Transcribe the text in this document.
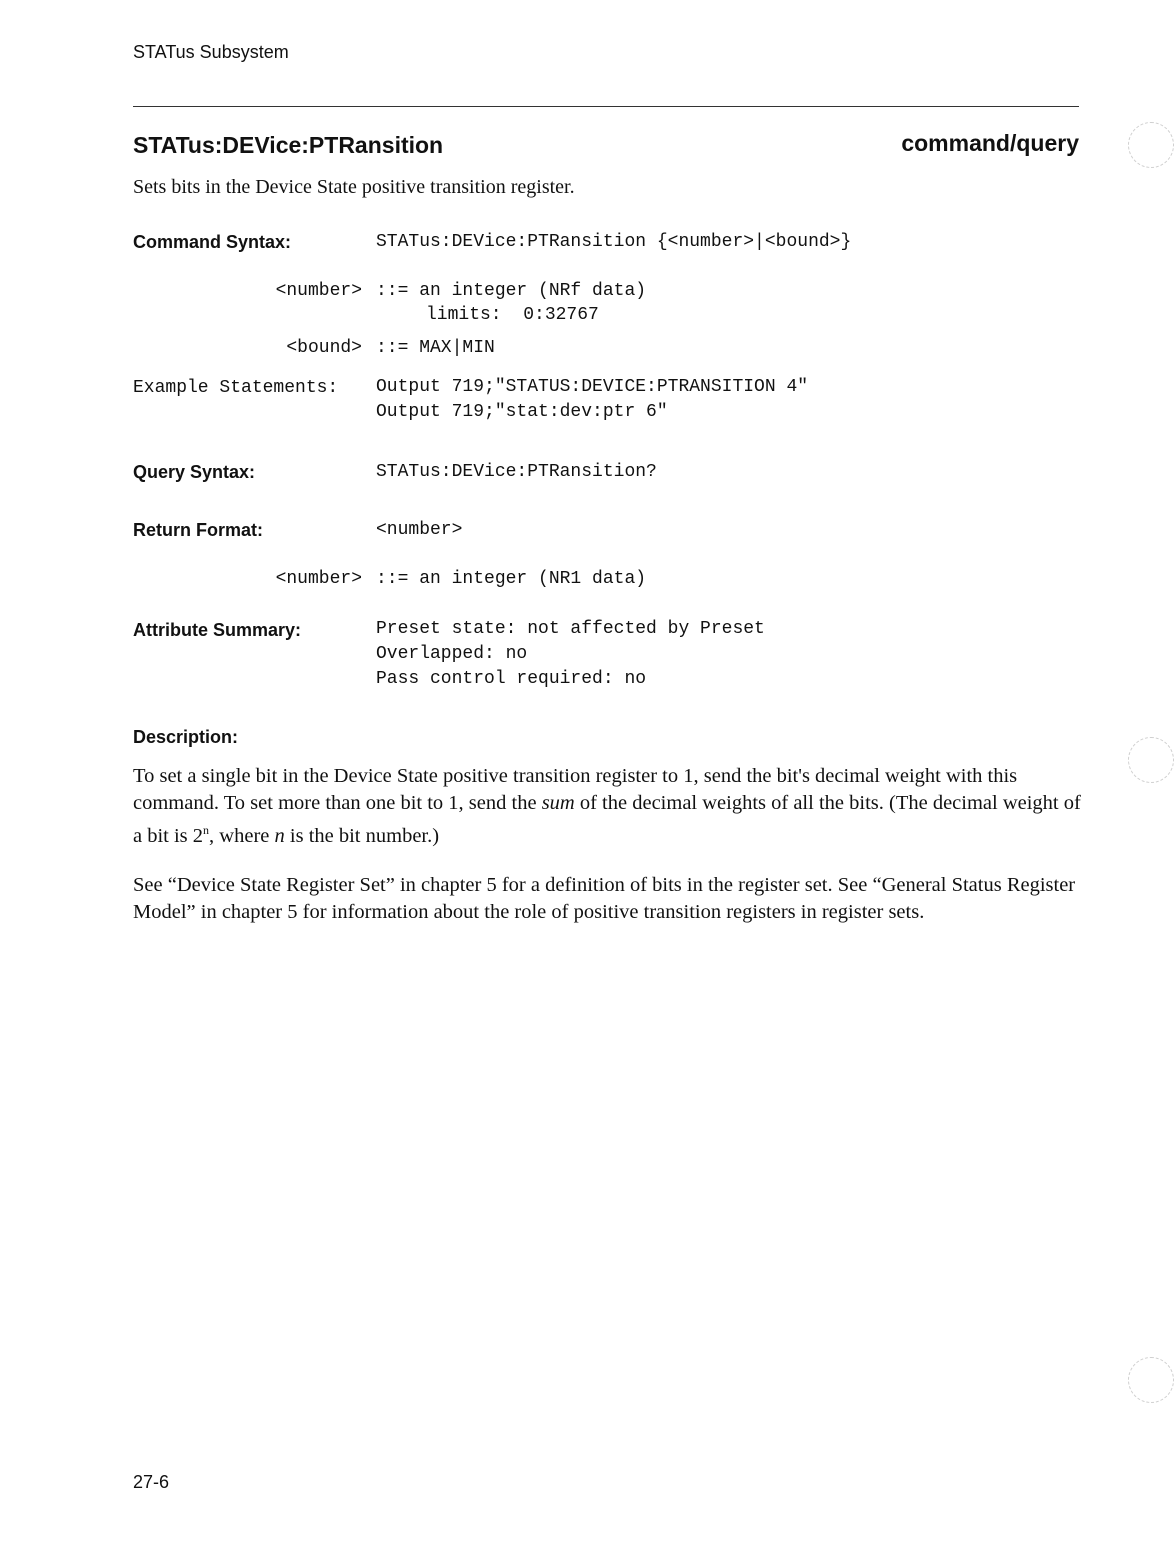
STATus Subsystem
STATus:DEVice:PTRansition	command/query
Sets bits in the Device State positive transition register.
Command Syntax:	STATus:DEVice:PTRansition {<number>|<bound>}
<number> ::= an integer (NRf data)
limits:  0:32767
<bound> ::= MAX|MIN
Example Statements: Output 719;"STATUS:DEVICE:PTRANSITION 4"
Output 719;"stat:dev:ptr 6"
Query Syntax:	STATus:DEVice:PTRansition?
Return Format:	<number>
<number> ::= an integer (NR1 data)
Attribute Summary:	Preset state: not affected by Preset
Overlapped: no
Pass control required: no
Description:
To set a single bit in the Device State positive transition register to 1, send the bit's decimal weight with this command. To set more than one bit to 1, send the sum of the decimal weights of all the bits. (The decimal weight of a bit is 2$^n$, where n is the bit number.)
See “Device State Register Set” in chapter 5 for a definition of bits in the register set. See “General Status Register Model” in chapter 5 for information about the role of positive transition registers in register sets.
27-6
